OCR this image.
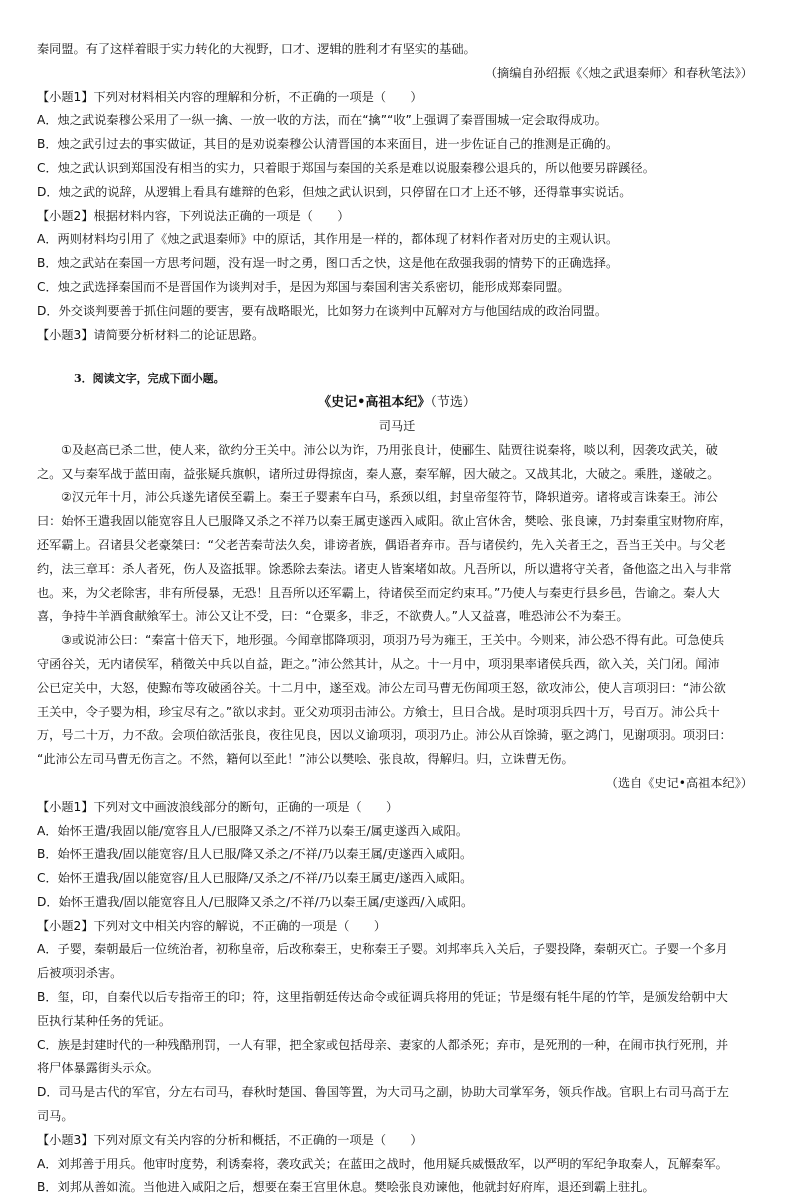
秦同盟。有了这样着眼于实力转化的大视野，口才、逻辑的胜利才有坚实的基础。
（摘编自孙绍振《〈烛之武退秦师〉和春秋笔法》）
【小题1】下列对材料相关内容的理解和分析，不正确的一项是（　　）
A．烛之武说秦穆公采用了一纵一擒、一放一收的方法，而在“擒”“收”上强调了秦晋围城一定会取得成功。
B．烛之武引过去的事实做证，其目的是劝说秦穆公认清晋国的本来面目，进一步佐证自己的推测是正确的。
C．烛之武认识到郑国没有相当的实力，只着眼于郑国与秦国的关系是难以说服秦穆公退兵的，所以他要另辟蹊径。
D．烛之武的说辞，从逻辑上看具有雄辩的色彩，但烛之武认识到，只停留在口才上还不够，还得靠事实说话。
【小题2】根据材料内容，下列说法正确的一项是（　　）
A．两则材料均引用了《烛之武退秦师》中的原话，其作用是一样的，都体现了材料作者对历史的主观认识。
B．烛之武站在秦国一方思考问题，没有逞一时之勇，图口舌之快，这是他在敌强我弱的情势下的正确选择。
C．烛之武选择秦国而不是晋国作为谈判对手，是因为郑国与秦国利害关系密切，能形成郑秦同盟。
D．外交谈判要善于抓住问题的要害，要有战略眼光，比如努力在谈判中瓦解对方与他国结成的政治同盟。
【小题3】请简要分析材料二的论证思路。
3．阅读文字，完成下面小题。
《史记•高祖本纪》（节选）
司马迁
①及赵高已杀二世，使人来，欲约分王关中。沛公以为诈，乃用张良计，使郦生、陆贾往说秦将，啖以利，因袭攻武关，破
之。又与秦军战于蓝田南，益张疑兵旗帜，诸所过毋得掠卤，秦人憙，秦军解，因大破之。又战其北，大破之。乘胜，遂破之。
②汉元年十月，沛公兵遂先诸侯至霸上。秦王子婴素车白马，系颈以组，封皇帝玺符节，降轵道旁。诸将或言诛秦王。沛公
曰：始怀王遣我固以能宽容且人已服降又杀之不祥乃以秦王属吏遂西入咸阳。欲止宫休舍，樊哙、张良谏，乃封秦重宝财物府库，
还军霸上。召诸县父老豪桀曰：“父老苦秦苛法久矣，诽谤者族，偶语者弃市。吾与诸侯约，先入关者王之，吾当王关中。与父老
约，法三章耳：杀人者死，伤人及盗抵罪。馀悉除去秦法。诸吏人皆案堵如故。凡吾所以，所以遣将守关者，备他盗之出入与非常
也。来，为父老除害，非有所侵暴，无恐！且吾所以还军霸上，待诸侯至而定约束耳。”乃使人与秦吏行县乡邑，告谕之。秦人大
喜，争持牛羊酒食献飨军士。沛公又让不受，曰：“仓粟多，非乏，不欲费人。”人又益喜，唯恐沛公不为秦王。
③或说沛公曰：“秦富十倍天下，地形强。今闻章邯降项羽，项羽乃号为雍王，王关中。今则来，沛公恐不得有此。可急使兵
守函谷关，无内诸侯军，稍徵关中兵以自益，距之。”沛公然其计，从之。十一月中，项羽果率诸侯兵西，欲入关，关门闭。闻沛
公已定关中，大怒，使黥布等攻破函谷关。十二月中，遂至戏。沛公左司马曹无伤闻项王怒，欲攻沛公，使人言项羽曰：“沛公欲
王关中，令子婴为相，珍宝尽有之。”欲以求封。亚父劝项羽击沛公。方飨士，旦日合战。是时项羽兵四十万，号百万。沛公兵十
万，号二十万，力不敌。会项伯欲活张良，夜往见良，因以义谕项羽，项羽乃止。沛公从百馀骑，驱之鸿门，见谢项羽。项羽曰：
“此沛公左司马曹无伤言之。不然，籍何以至此！”沛公以樊哙、张良故，得解归。归，立诛曹无伤。
（选自《史记•高祖本纪》）
【小题1】下列对文中画波浪线部分的断句，正确的一项是（　　）
A．始怀王遣/我固以能/宽容且人/已服降又杀之/不祥乃以秦王/属吏遂西入咸阳。
B．始怀王遣我/固以能宽容/且人已服/降又杀之/不祥/乃以秦王属/吏遂西入咸阳。
C．始怀王遣我/固以能宽容/且人已服降/又杀之/不祥/乃以秦王属吏/遂西入咸阳。
D．始怀王遣我/固以能宽容且人/已服降又杀之/不祥/乃以秦王属/吏遂西/入咸阳。
【小题2】下列对文中相关内容的解说，不正确的一项是（　　）
A．子婴，秦朝最后一位统治者，初称皇帝，后改称秦王，史称秦王子婴。刘邦率兵入关后，子婴投降，秦朝灭亡。子婴一个多月
后被项羽杀害。
B．玺，印，自秦代以后专指帝王的印；符，这里指朝廷传达命令或征调兵将用的凭证；节是缀有牦牛尾的竹竿，是颁发给朝中大
臣执行某种任务的凭证。
C．族是封建时代的一种残酷刑罚，一人有罪，把全家或包括母亲、妻家的人都杀死；弃市，是死刑的一种，在闹市执行死刑，并
将尸体暴露街头示众。
D．司马是古代的军官，分左右司马，春秋时楚国、鲁国等置，为大司马之副，协助大司掌军务，领兵作战。官职上右司马高于左
司马。
【小题3】下列对原文有关内容的分析和概括，不正确的一项是（　　）
A．刘邦善于用兵。他审时度势，利诱秦将，袭攻武关；在蓝田之战时，他用疑兵威慑敌军，以严明的军纪争取秦人，瓦解秦军。
B．刘邦从善如流。当他进入咸阳之后，想要在秦王宫里休息。樊哙张良劝谏他，他就封好府库，退还到霸上驻扎。
